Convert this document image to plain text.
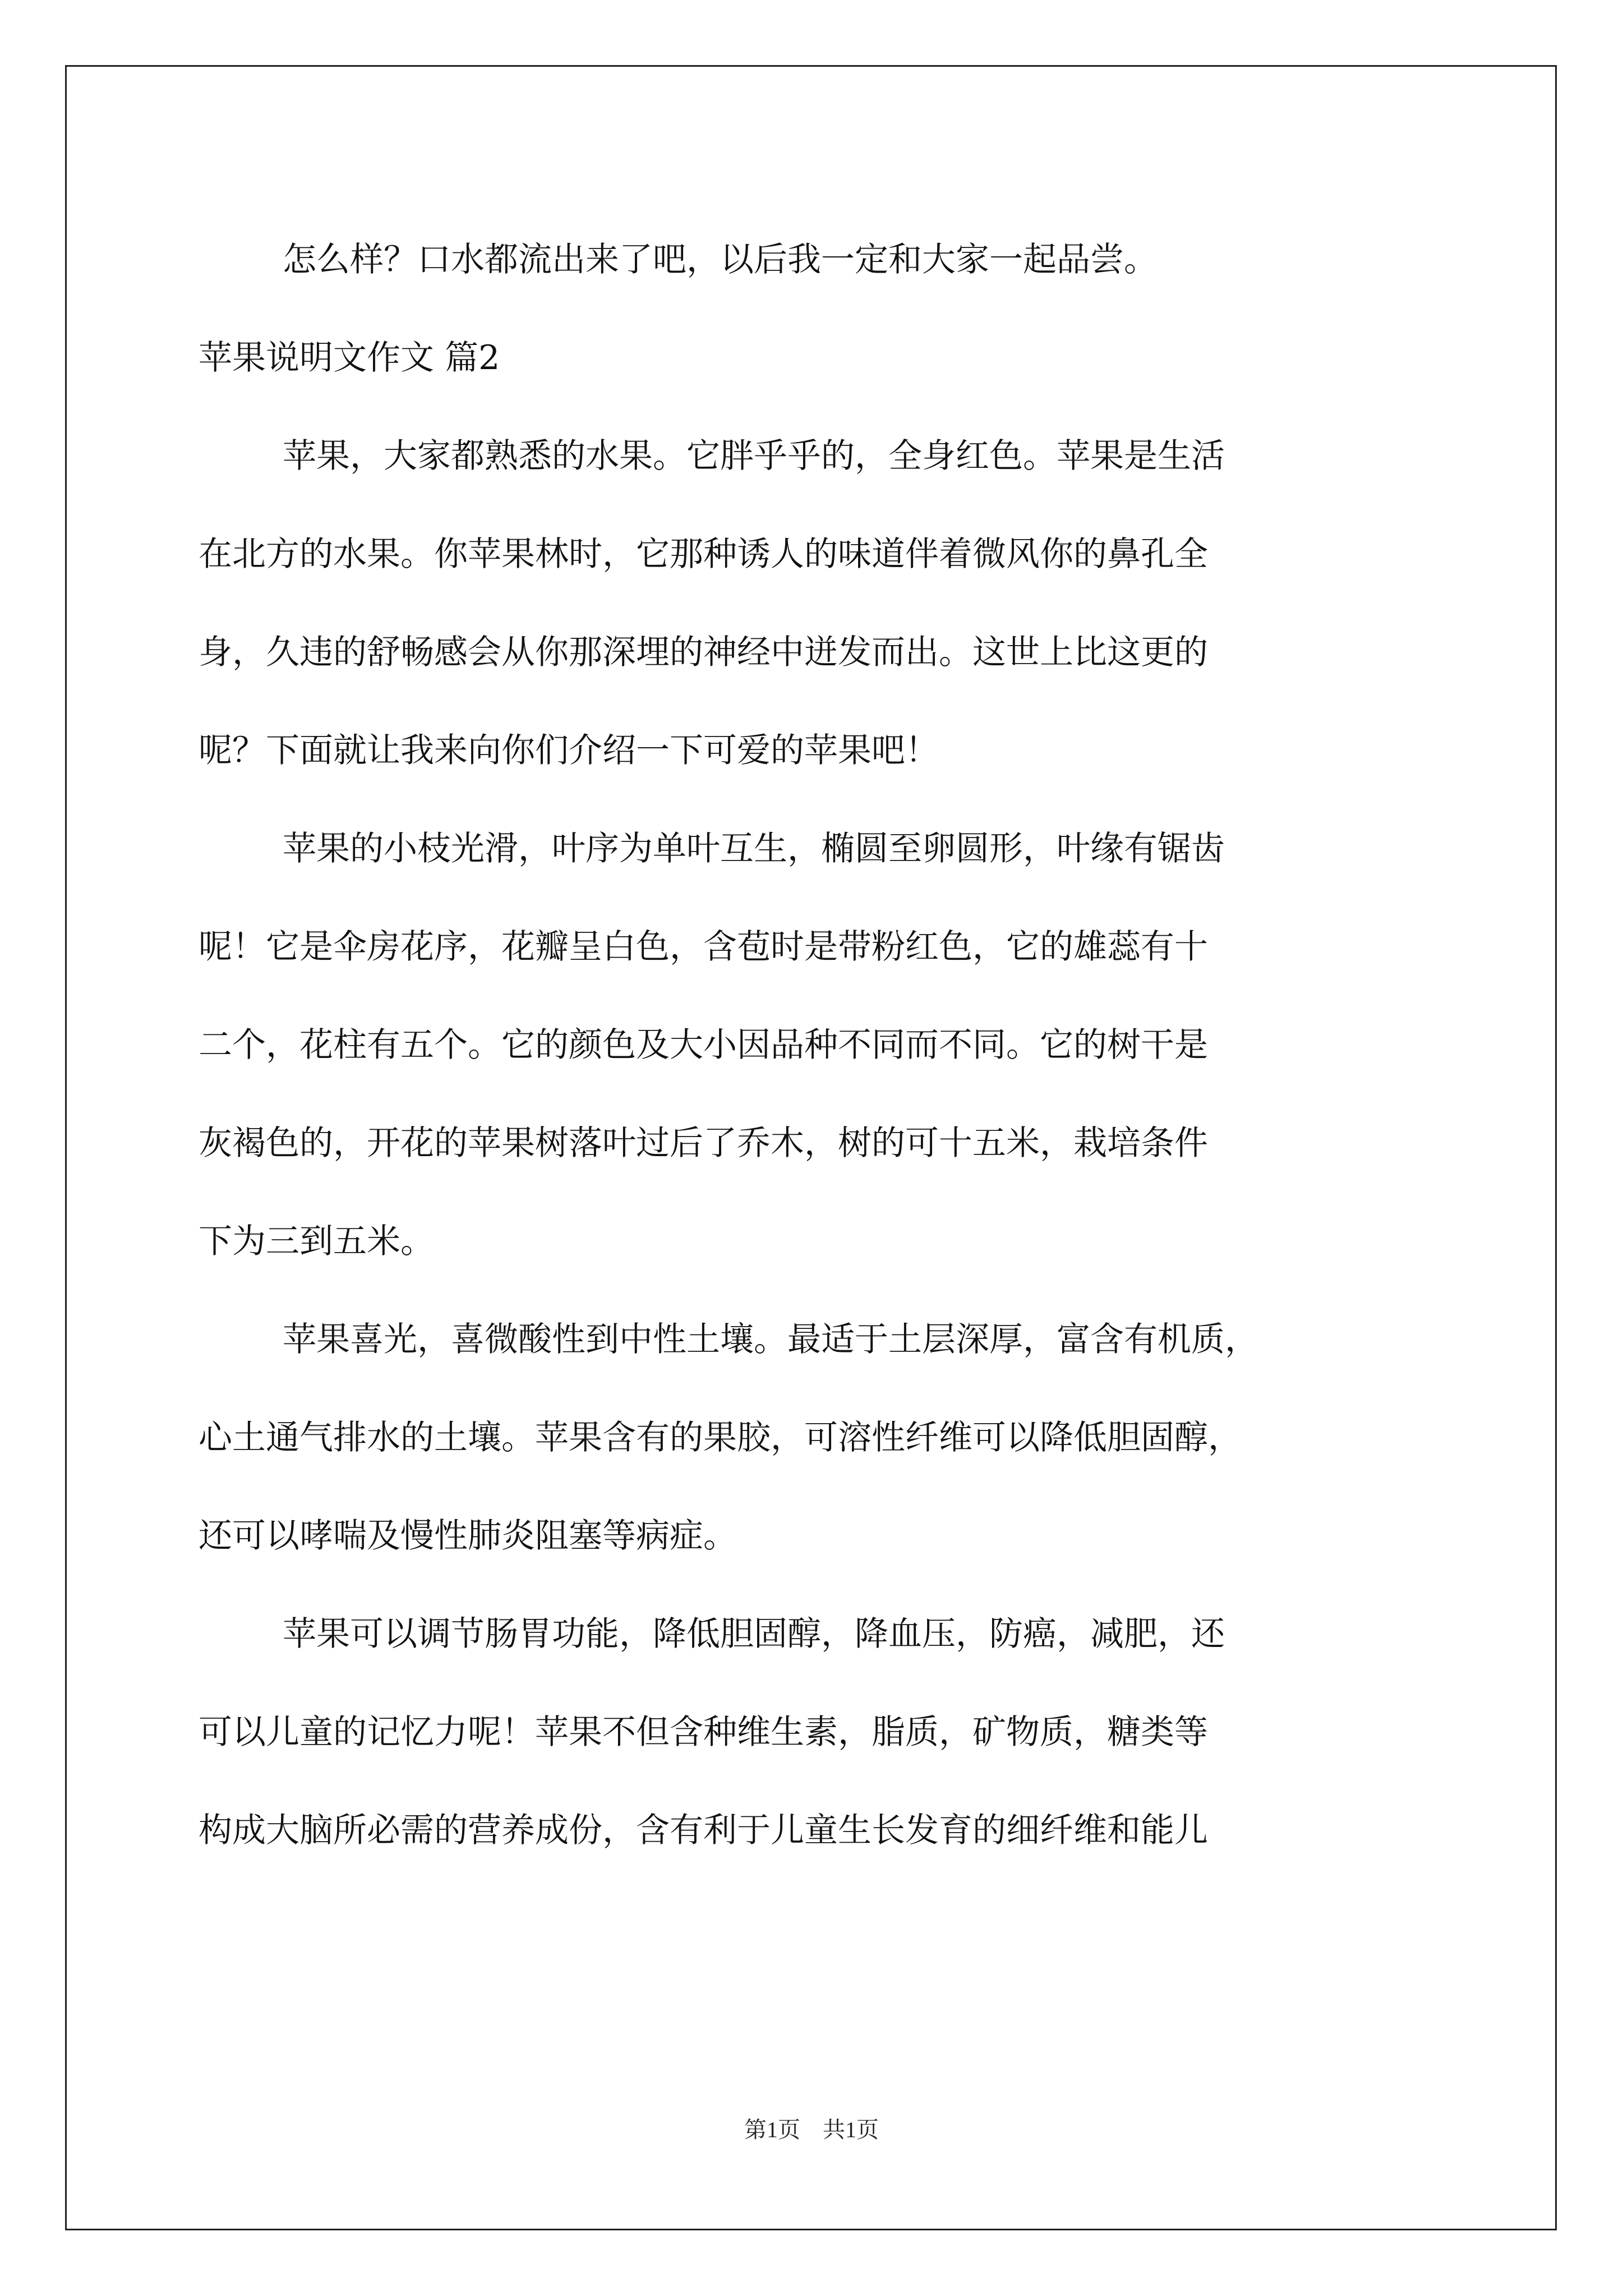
怎么样？口水都流出来了吧，以后我一定和大家一起品尝。

苹果说明文作文 篇2

苹果，大家都熟悉的水果。它胖乎乎的，全身红色。苹果是生活
在北方的水果。你苹果林时，它那种诱人的味道伴着微风你的鼻孔全
身，久违的舒畅感会从你那深埋的神经中迸发而出。这世上比这更的
呢？下面就让我来向你们介绍一下可爱的苹果吧！

苹果的小枝光滑，叶序为单叶互生，椭圆至卵圆形，叶缘有锯齿
呢！它是伞房花序，花瓣呈白色，含苞时是带粉红色，它的雄蕊有十
二个，花柱有五个。它的颜色及大小因品种不同而不同。它的树干是
灰褐色的，开花的苹果树落叶过后了乔木，树的可十五米，栽培条件
下为三到五米。

苹果喜光，喜微酸性到中性土壤。最适于土层深厚，富含有机质，
心土通气排水的土壤。苹果含有的果胶，可溶性纤维可以降低胆固醇，
还可以哮喘及慢性肺炎阻塞等病症。

苹果可以调节肠胃功能，降低胆固醇，降血压，防癌，减肥，还
可以儿童的记忆力呢！苹果不但含种维生素，脂质，矿物质，糖类等
构成大脑所必需的营养成份，含有利于儿童生长发育的细纤维和能儿

第1页　共1页
